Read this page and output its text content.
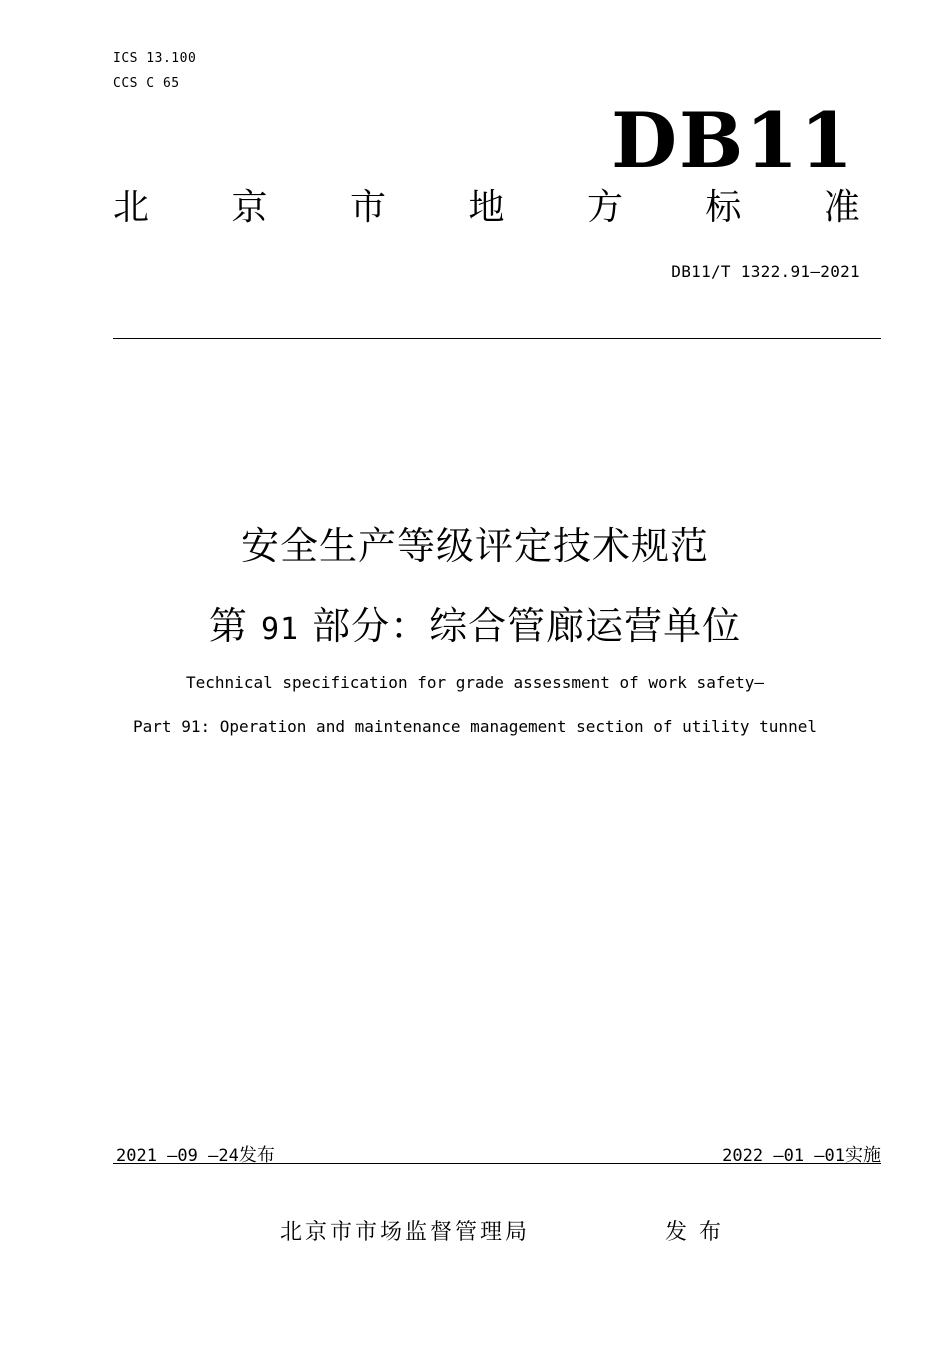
ICS 13.100
CCS C 65
DB11
北 京 市 地 方 标 准
DB11/T 1322.91—2021
安全生产等级评定技术规范
第 91 部分：综合管廊运营单位
Technical specification for grade assessment of work safety—
Part 91: Operation and maintenance management section of utility tunnel
2021 —09 —24发布	2022 —01 —01实施
北京市市场监督管理局	发布
